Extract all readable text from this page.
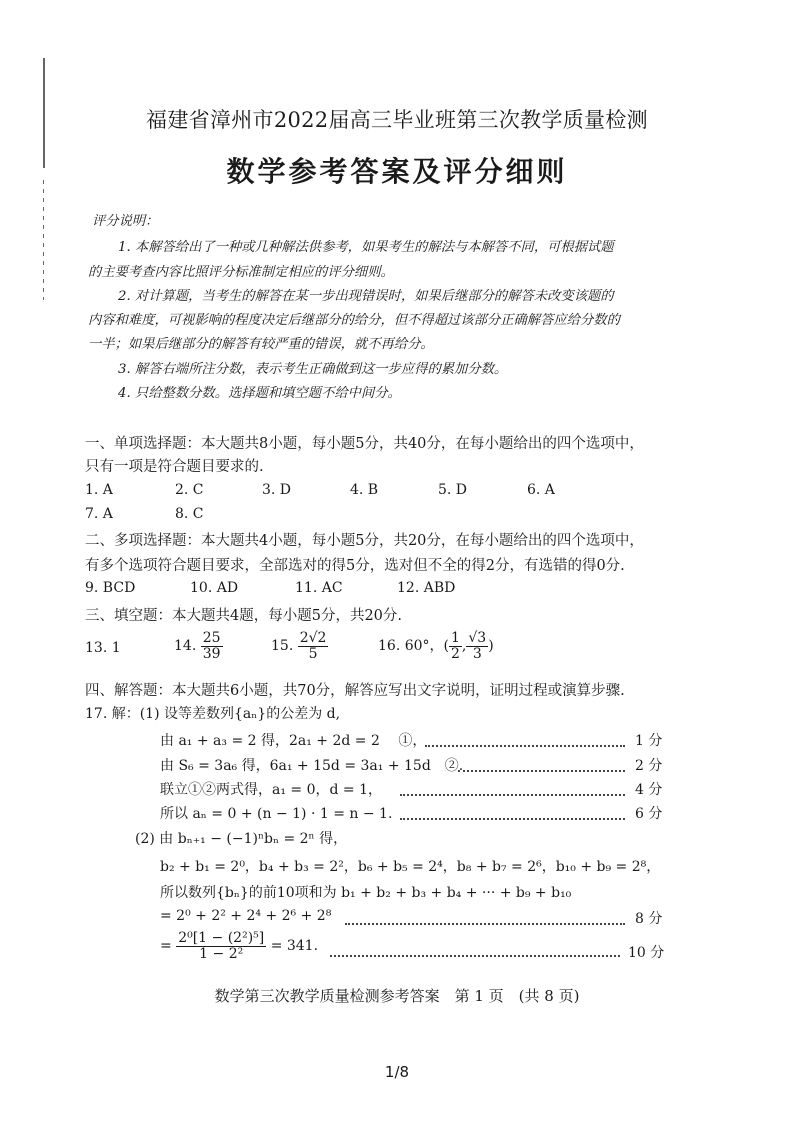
福建省漳州市2022届高三毕业班第三次教学质量检测
数学参考答案及评分细则
评分说明：
1. 本解答给出了一种或几种解法供参考，如果考生的解法与本解答不同，可根据试题
的主要考查内容比照评分标准制定相应的评分细则。
2. 对计算题，当考生的解答在某一步出现错误时，如果后继部分的解答未改变该题的
内容和难度，可视影响的程度决定后继部分的给分，但不得超过该部分正确解答应给分数的
一半；如果后继部分的解答有较严重的错误，就不再给分。
3. 解答右端所注分数，表示考生正确做到这一步应得的累加分数。
4. 只给整数分数。选择题和填空题不给中间分。
一、单项选择题：本大题共8小题，每小题5分，共40分，在每小题给出的四个选项中，
只有一项是符合题目要求的.
1. A	2. C	3. D	4. B	5. D	6. A
7. A	8. C
二、多项选择题：本大题共4小题，每小题5分，共20分，在每小题给出的四个选项中，
有多个选项符合题目要求，全部选对的得5分，选对但不全的得2分，有选错的得0分.
9. BCD	10. AD	11. AC	12. ABD
三、填空题：本大题共4题，每小题5分，共20分.
13. 1	14. $\frac{25}{39}$	15. $\frac{2√2}{5}$	16. 60°，( $\frac{1}{2}$ , $\frac{√3}{3}$ )
四、解答题：本大题共6小题，共70分，解答应写出文字说明，证明过程或演算步骤.
17. 解：(1) 设等差数列{aₙ}的公差为 d,
由 a₁ + a₃ = 2 得，2a₁ + 2d = 2　 ①，	1 分
由 S₆ = 3a₆ 得，6a₁ + 15d = 3a₁ + 15d　②.	2 分
联立①②两式得，a₁ = 0，d = 1，	4 分
所以 aₙ = 0 + (n − 1) · 1 = n − 1.	6 分
(2) 由 bₙ₊₁ − (−1)ⁿbₙ = 2ⁿ 得，
b₂ + b₁ = 2⁰，b₄ + b₃ = 2²，b₆ + b₅ = 2⁴，b₈ + b₇ = 2⁶，b₁₀ + b₉ = 2⁸，
所以数列{bₙ}的前10项和为 b₁ + b₂ + b₃ + b₄ + ··· + b₉ + b₁₀
= 2⁰ + 2² + 2⁴ + 2⁶ + 2⁸	8 分
= $\frac{\text{2⁰[1 − (2²)⁵]}}{\text{1 − 2²}} = 341$.	10 分
数学第三次教学质量检测参考答案　第 1 页　(共 8 页)
1/8
